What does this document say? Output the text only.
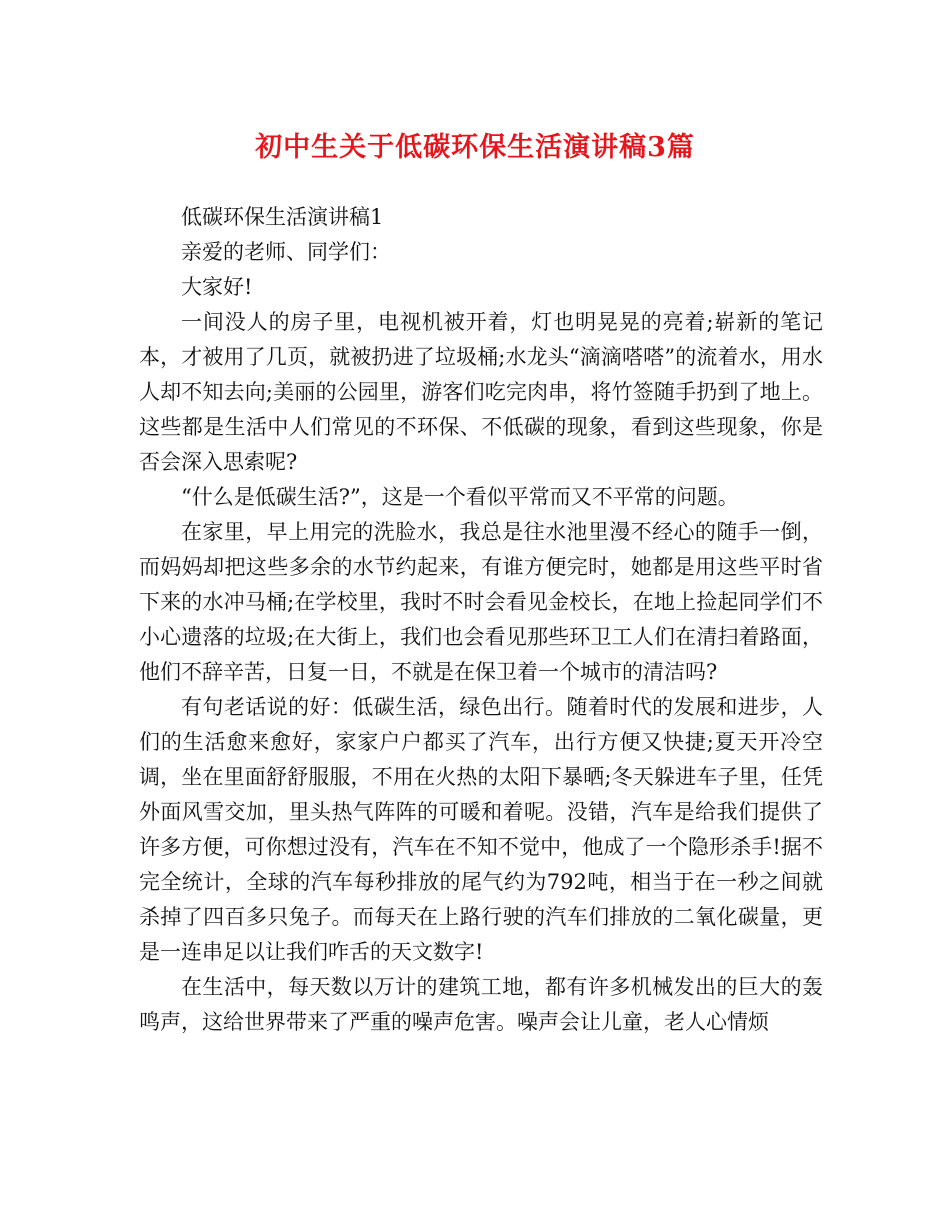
初中生关于低碳环保生活演讲稿3篇

低碳环保生活演讲稿1

亲爱的老师、同学们：

大家好!

一间没人的房子里，电视机被开着，灯也明晃晃的亮着;崭新的笔记本，才被用了几页，就被扔进了垃圾桶;水龙头“滴滴嗒嗒”的流着水，用水人却不知去向;美丽的公园里，游客们吃完肉串，将竹签随手扔到了地上。这些都是生活中人们常见的不环保、不低碳的现象，看到这些现象，你是否会深入思索呢?

“什么是低碳生活?”，这是一个看似平常而又不平常的问题。

在家里，早上用完的洗脸水，我总是往水池里漫不经心的随手一倒，而妈妈却把这些多余的水节约起来，有谁方便完时，她都是用这些平时省下来的水冲马桶;在学校里，我时不时会看见金校长，在地上捡起同学们不小心遗落的垃圾;在大街上，我们也会看见那些环卫工人们在清扫着路面，他们不辞辛苦，日复一日，不就是在保卫着一个城市的清洁吗?

有句老话说的好：低碳生活，绿色出行。随着时代的发展和进步，人们的生活愈来愈好，家家户户都买了汽车，出行方便又快捷;夏天开冷空调，坐在里面舒舒服服，不用在火热的太阳下暴晒;冬天躲进车子里，任凭外面风雪交加，里头热气阵阵的可暖和着呢。没错，汽车是给我们提供了许多方便，可你想过没有，汽车在不知不觉中，他成了一个隐形杀手!据不完全统计，全球的汽车每秒排放的尾气约为792吨，相当于在一秒之间就杀掉了四百多只兔子。而每天在上路行驶的汽车们排放的二氧化碳量，更是一连串足以让我们咋舌的天文数字!

在生活中，每天数以万计的建筑工地，都有许多机械发出的巨大的轰鸣声，这给世界带来了严重的噪声危害。噪声会让儿童，老人心情烦
